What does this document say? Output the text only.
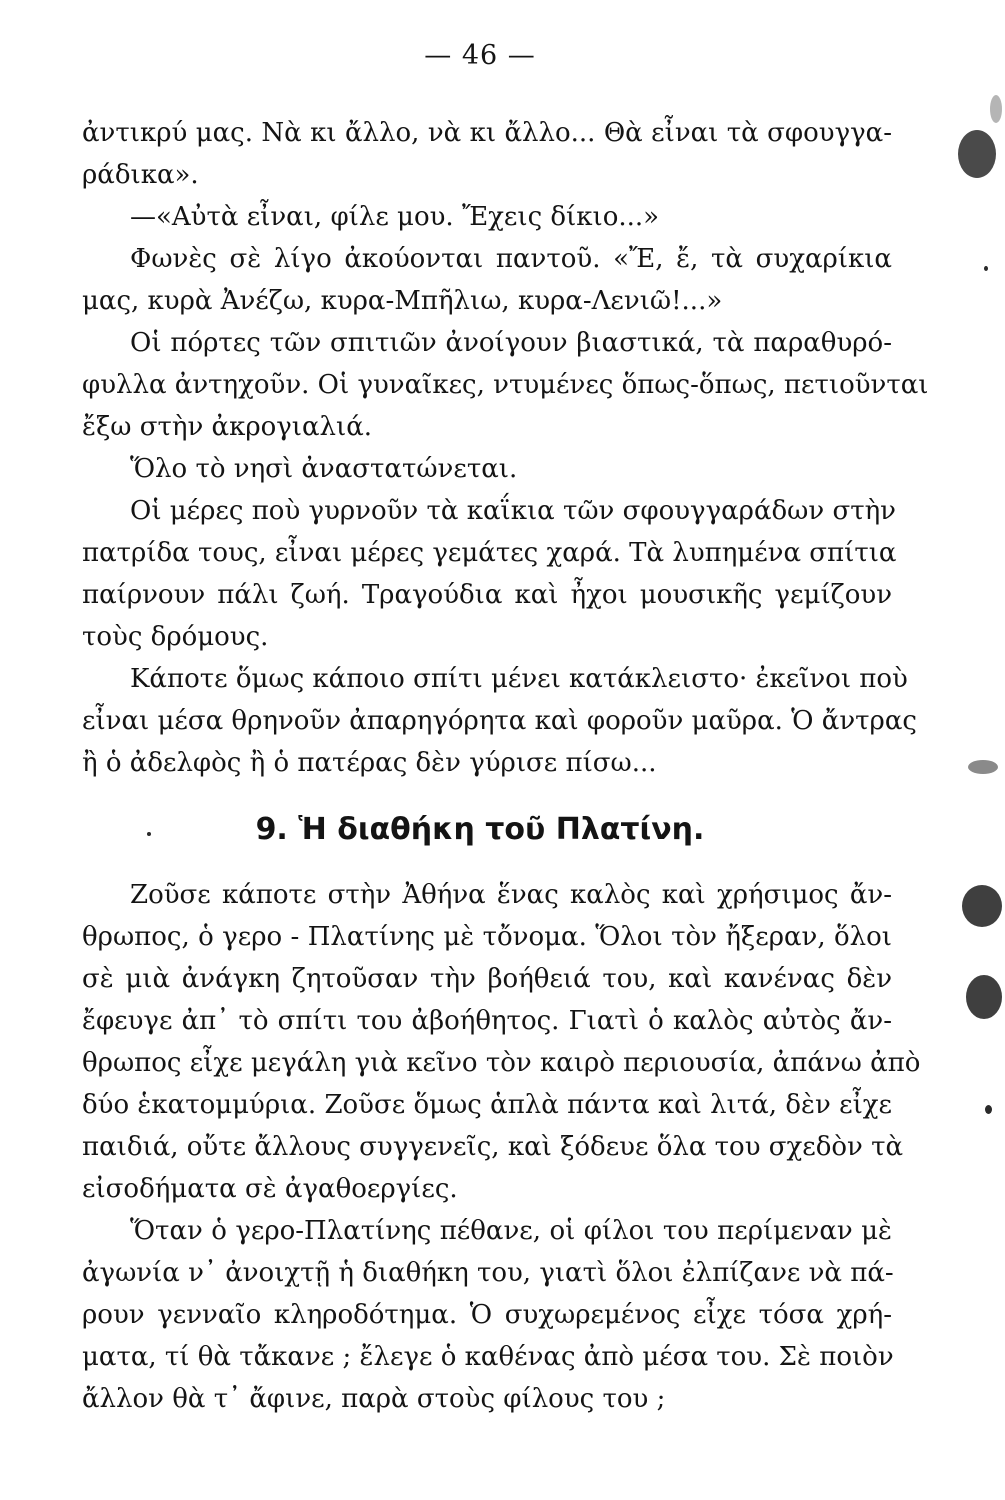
— 46 —
ἀντικρύ μας. Νὰ κι ἄλλο, νὰ κι ἄλλο... Θὰ εἶναι τὰ σφουγγα-
ράδικα».
—«Αὐτὰ εἶναι, φίλε μου. Ἔχεις δίκιο...»
Φωνὲς σὲ λίγο ἀκούονται παντοῦ. «Ἔ, ἔ, τὰ συχαρίκια
μας, κυρὰ Ἀνέζω, κυρα-Μπῆλιω, κυρα-Λενιῶ!...»
Οἱ πόρτες τῶν σπιτιῶν ἀνοίγουν βιαστικά, τὰ παραθυρό-
φυλλα ἀντηχοῦν. Οἱ γυναῖκες, ντυμένες ὅπως-ὅπως, πετιοῦνται
ἔξω στὴν ἀκρογιαλιά.
Ὅλο τὸ νησὶ ἀναστατώνεται.
Οἱ μέρες ποὺ γυρνοῦν τὰ καΐκια τῶν σφουγγαράδων στὴν
πατρίδα τους, εἶναι μέρες γεμάτες χαρά. Τὰ λυπημένα σπίτια
παίρνουν πάλι ζωή. Τραγούδια καὶ ἦχοι μουσικῆς γεμίζουν
τοὺς δρόμους.
Κάποτε ὅμως κάποιο σπίτι μένει κατάκλειστο· ἐκεῖνοι ποὺ
εἶναι μέσα θρηνοῦν ἀπαρηγόρητα καὶ φοροῦν μαῦρα. Ὁ ἄντρας
ἢ ὁ ἀδελφὸς ἢ ὁ πατέρας δὲν γύρισε πίσω...
9. Ἡ διαθήκη τοῦ Πλατίνη.
Ζοῦσε κάποτε στὴν Ἀθήνα ἕνας καλὸς καὶ χρήσιμος ἄν-
θρωπος, ὁ γερο - Πλατίνης μὲ τὄνομα. Ὅλοι τὸν ἤξεραν, ὅλοι
σὲ μιὰ ἀνάγκη ζητοῦσαν τὴν βοήθειά του, καὶ κανένας δὲν
ἔφευγε ἀπ᾽ τὸ σπίτι του ἀβοήθητος. Γιατὶ ὁ καλὸς αὐτὸς ἄν-
θρωπος εἶχε μεγάλη γιὰ κεῖνο τὸν καιρὸ περιουσία, ἀπάνω ἀπὸ
δύο ἑκατομμύρια. Ζοῦσε ὅμως ἁπλὰ πάντα καὶ λιτά, δὲν εἶχε
παιδιά, οὔτε ἄλλους συγγενεῖς, καὶ ξόδευε ὅλα του σχεδὸν τὰ
εἰσοδήματα σὲ ἀγαθοεργίες.
Ὅταν ὁ γερο-Πλατίνης πέθανε, οἱ φίλοι του περίμεναν μὲ
ἀγωνία ν᾽ ἀνοιχτῇ ἡ διαθήκη του, γιατὶ ὅλοι ἐλπίζανε νὰ πά-
ρουν γενναῖο κληροδότημα. Ὁ συχωρεμένος εἶχε τόσα χρή-
ματα, τί θὰ τἄκανε ; ἔλεγε ὁ καθένας ἀπὸ μέσα του. Σὲ ποιὸν
ἄλλον θὰ τ᾽ ἄφινε, παρὰ στοὺς φίλους του ;
